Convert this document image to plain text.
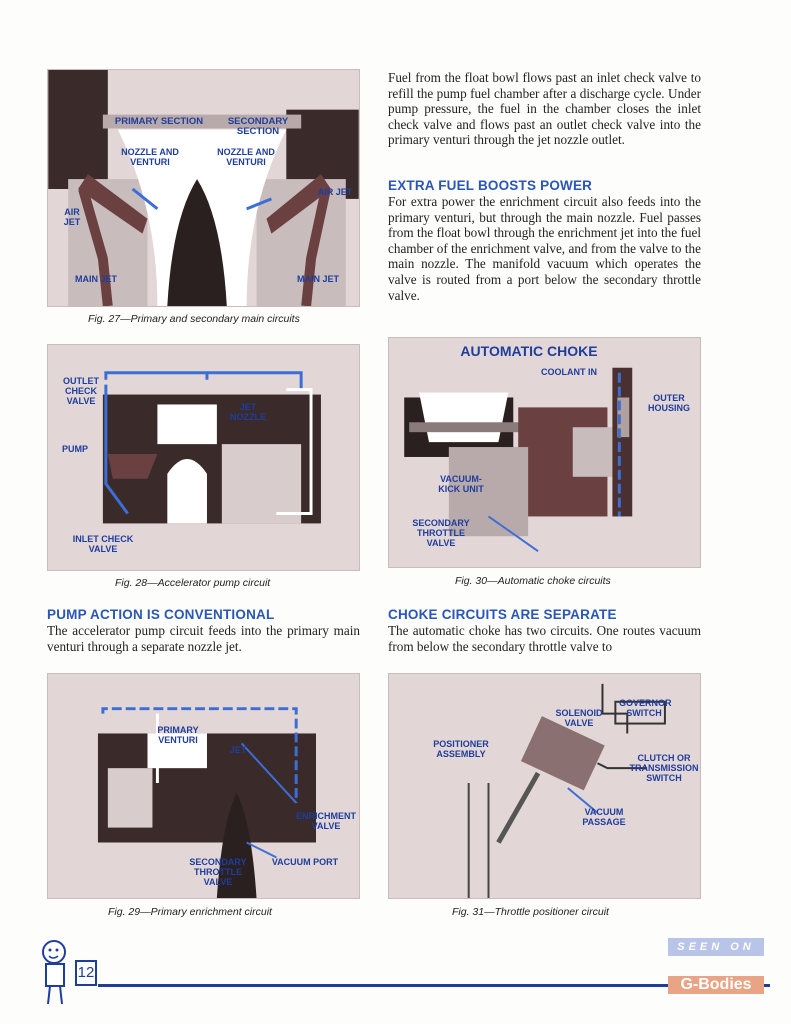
PRIMARY SECTION	SECONDARY SECTION
NOZZLE AND VENTURI
NOZZLE AND VENTURI
AIR JET
AIR JET
MAIN JET	MAIN JET
Fig. 27—Primary and secondary main circuits
Fuel from the float bowl flows past an inlet check valve to refill the pump fuel chamber after a discharge cycle. Under pump pressure, the fuel in the chamber closes the inlet check valve and flows past an outlet check valve into the primary venturi through the jet nozzle outlet.
EXTRA FUEL BOOSTS POWER
For extra power the enrichment circuit also feeds into the primary venturi, but through the main nozzle. Fuel passes from the float bowl through the enrichment jet into the fuel chamber of the enrichment valve, and from the valve to the main nozzle. The manifold vacuum which operates the valve is routed from a port below the secondary throttle valve.
OUTLET CHECK VALVE
JET NOZZLE
PUMP
INLET CHECK VALVE
Fig. 28—Accelerator pump circuit
AUTOMATIC CHOKE
COOLANT IN
OUTER HOUSING
VACUUM-KICK UNIT
SECONDARY THROTTLE VALVE
Fig. 30—Automatic choke circuits
PUMP ACTION IS CONVENTIONAL
The accelerator pump circuit feeds into the primary main venturi through a separate nozzle jet.
CHOKE CIRCUITS ARE SEPARATE
The automatic choke has two circuits. One routes vacuum from below the secondary throttle valve to
PRIMARY VENTURI
JET
ENRICHMENT VALVE
SECONDARY THROTTLE VALVE
VACUUM PORT
Fig. 29—Primary enrichment circuit
SOLENOID VALVE
GOVERNOR SWITCH
POSITIONER ASSEMBLY	CLUTCH OR TRANSMISSION SWITCH
VACUUM PASSAGE
Fig. 31—Throttle positioner circuit
12
SEEN ON
G-Bodies
